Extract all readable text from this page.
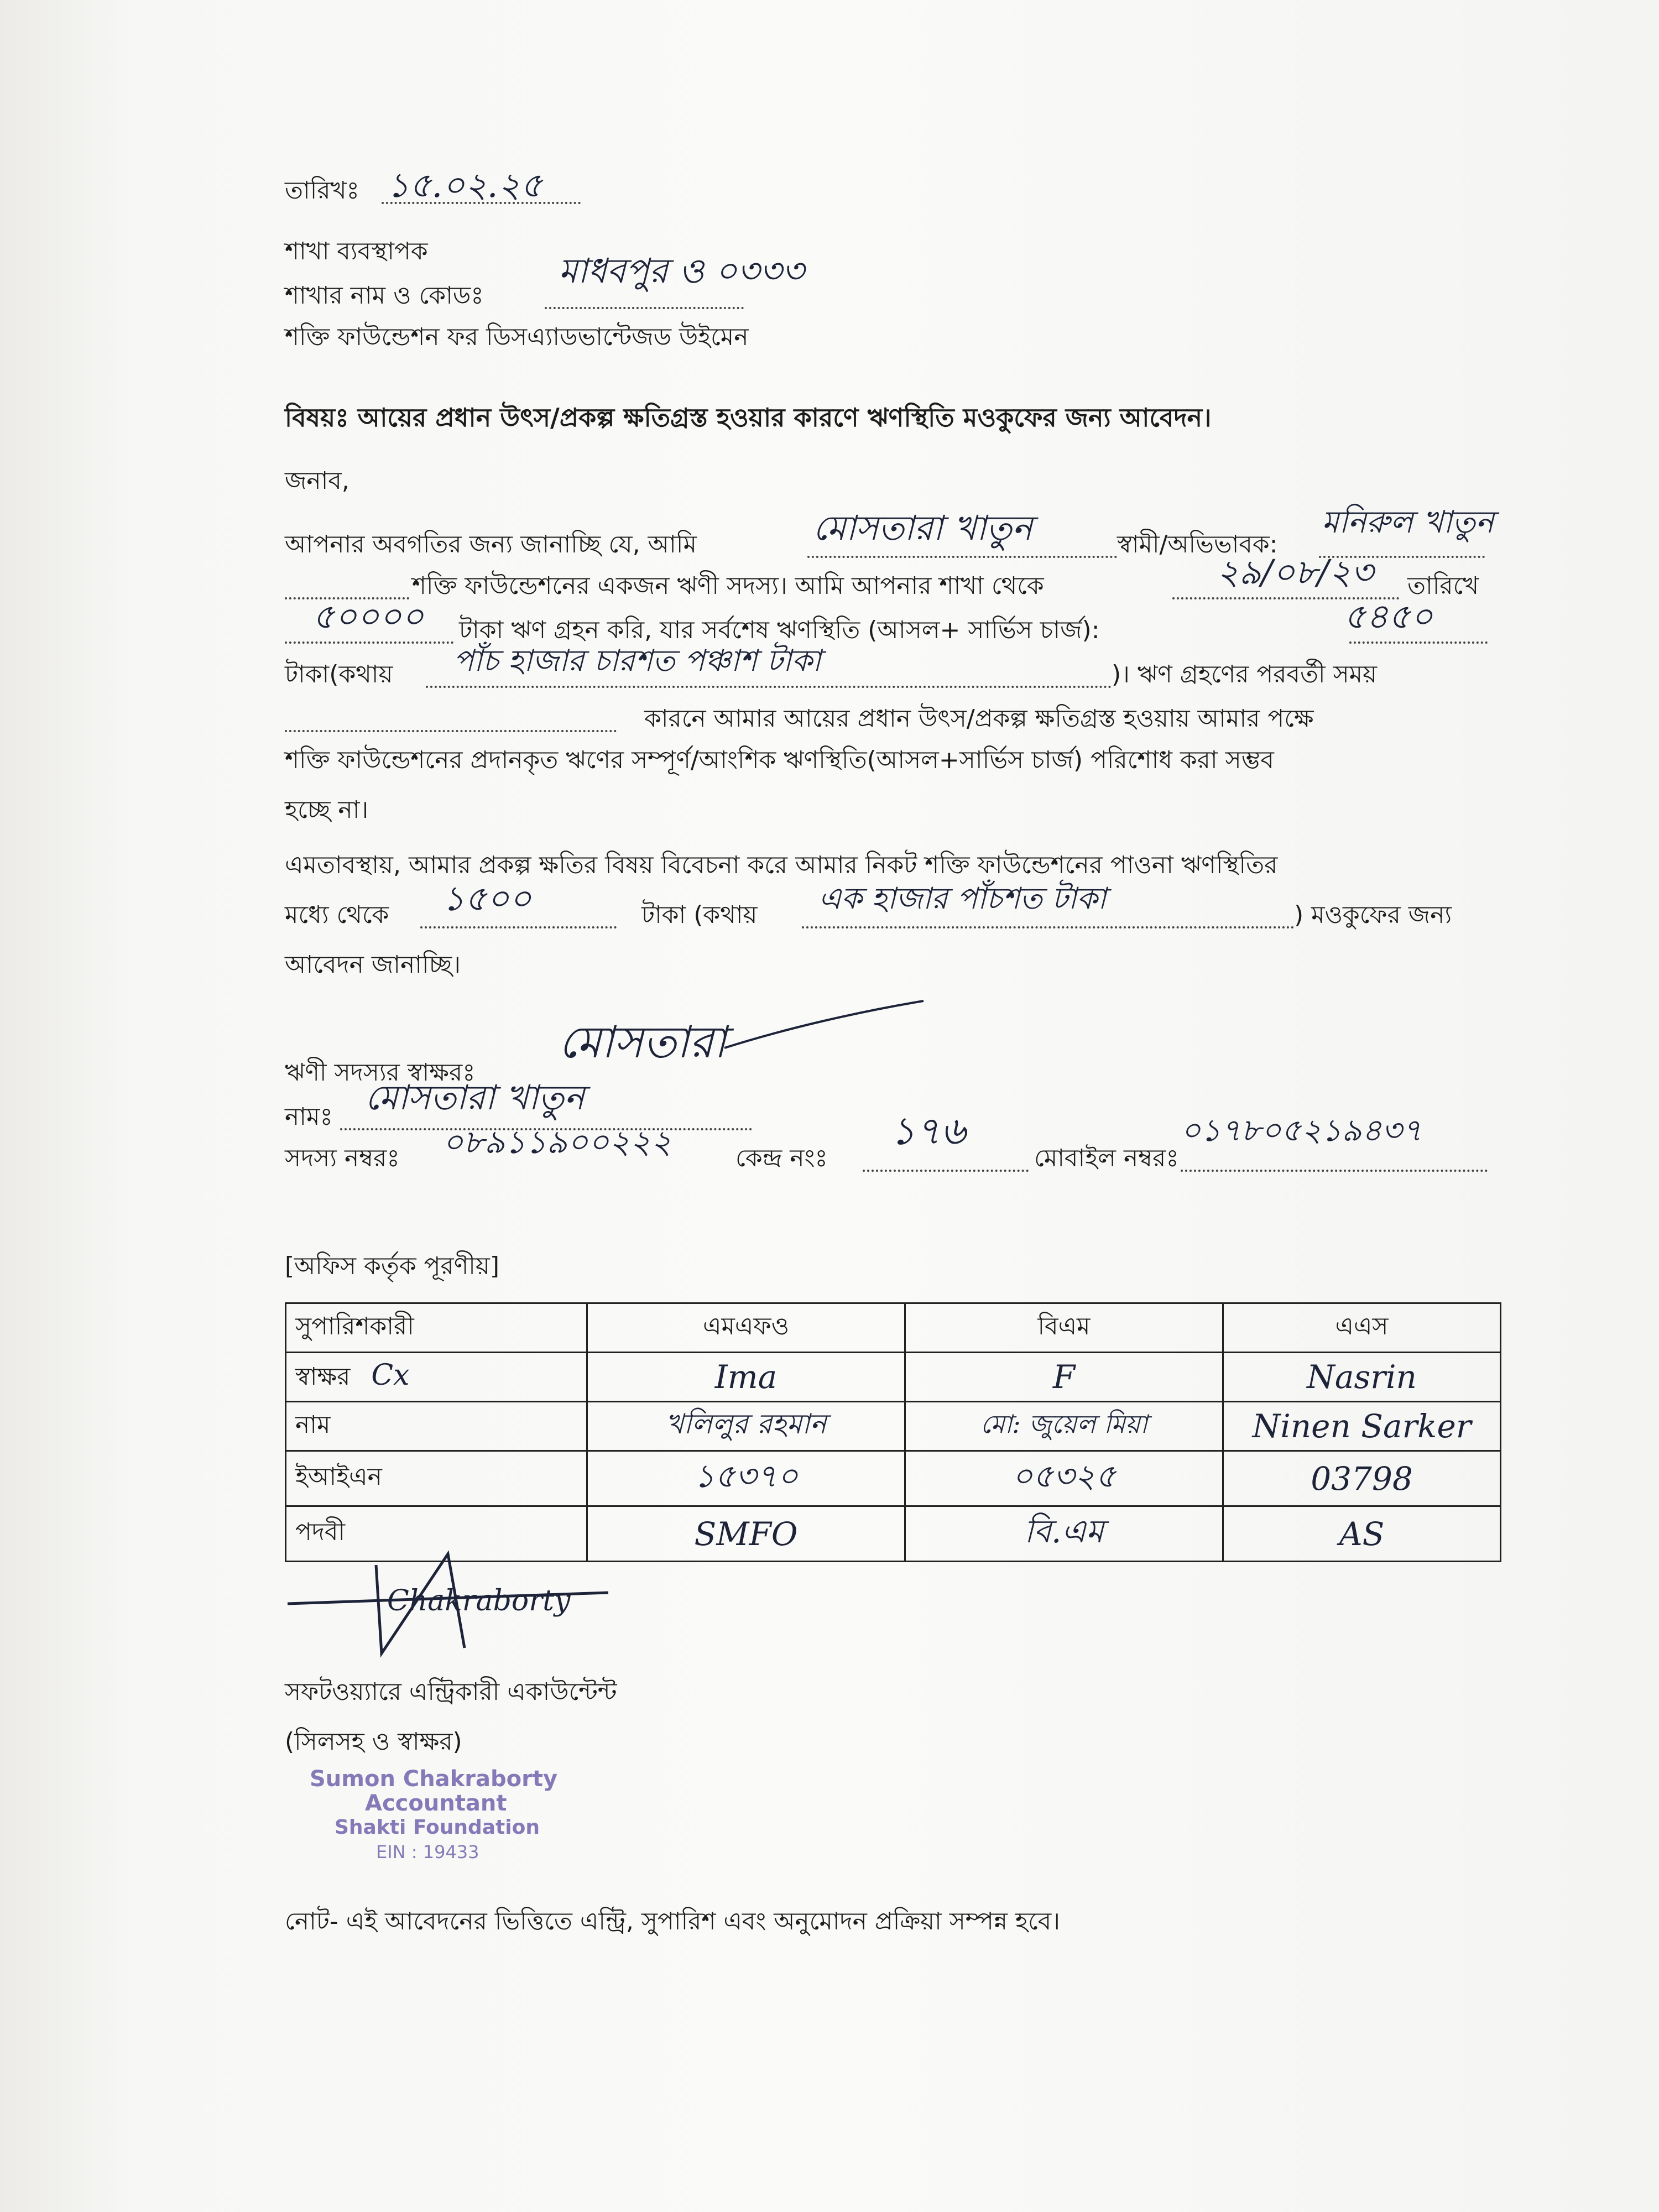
তারিখঃ ১৫.০২.২৫
শাখা ব্যবস্থাপক
শাখার নাম ও কোডঃ
মাধবপুর ও ০৩৩৩
শক্তি ফাউন্ডেশন ফর ডিসএ্যাডভান্টেজড উইমেন
বিষয়ঃ আয়ের প্রধান উৎস/প্রকল্প ক্ষতিগ্রস্ত হওয়ার কারণে ঋণস্থিতি মওকুফের জন্য আবেদন।
জনাব,
আপনার অবগতির জন্য জানাচ্ছি যে, আমি	মোসতারা খাতুন	স্বামী/অভিভাবক:
মনিরুল খাতুন
শক্তি ফাউন্ডেশনের একজন ঋণী সদস্য। আমি আপনার শাখা থেকে	২৯/০৮/২৩ তারিখে
৫০০০০ টাকা ঋণ গ্রহন করি, যার সর্বশেষ ঋণস্থিতি (আসল+ সার্ভিস চার্জ):	৫৪৫০
টাকা(কথায় পাঁচ হাজার চারশত পঞ্চাশ টাকা	)। ঋণ গ্রহণের পরবর্তী সময়
কারনে আমার আয়ের প্রধান উৎস/প্রকল্প ক্ষতিগ্রস্ত হওয়ায় আমার পক্ষে
শক্তি ফাউন্ডেশনের প্রদানকৃত ঋণের সম্পূর্ণ/আংশিক ঋণস্থিতি(আসল+সার্ভিস চার্জ) পরিশোধ করা সম্ভব
হচ্ছে না।
এমতাবস্থায়, আমার প্রকল্প ক্ষতির বিষয় বিবেচনা করে আমার নিকট শক্তি ফাউন্ডেশনের পাওনা ঋণস্থিতির
মধ্যে থেকে ১৫০০	টাকা (কথায় এক হাজার পাঁচশত টাকা	) মওকুফের জন্য
আবেদন জানাচ্ছি।
ঋণী সদস্যর স্বাক্ষরঃ
মোসতারা
নামঃ মোসতারা খাতুন
সদস্য নম্বরঃ ০৮৯১১৯০০২২২	কেন্দ্র নংঃ
১৭৬
মোবাইল নম্বরঃ
০১৭৮০৫২১৯৪৩৭
[অফিস কর্তৃক পূরণীয়]
সুপারিশকারী	এমএফও	বিএম	এএস
স্বাক্ষর Cx	Ima	F	Nasrin
নাম	খলিলুর রহমান	মো: জুয়েল মিয়া	Ninen Sarker
ইআইএন	১৫৩৭০	০৫৩২৫	03798
পদবী	SMFO	বি.এম	AS
Chakraborty
সফটওয়্যারে এন্ট্রিকারী একাউন্টেন্ট
(সিলসহ ও স্বাক্ষর)
Sumon Chakraborty
Accountant
Shakti Foundation
EIN : 19433
নোট- এই আবেদনের ভিত্তিতে এন্ট্রি, সুপারিশ এবং অনুমোদন প্রক্রিয়া সম্পন্ন হবে।
